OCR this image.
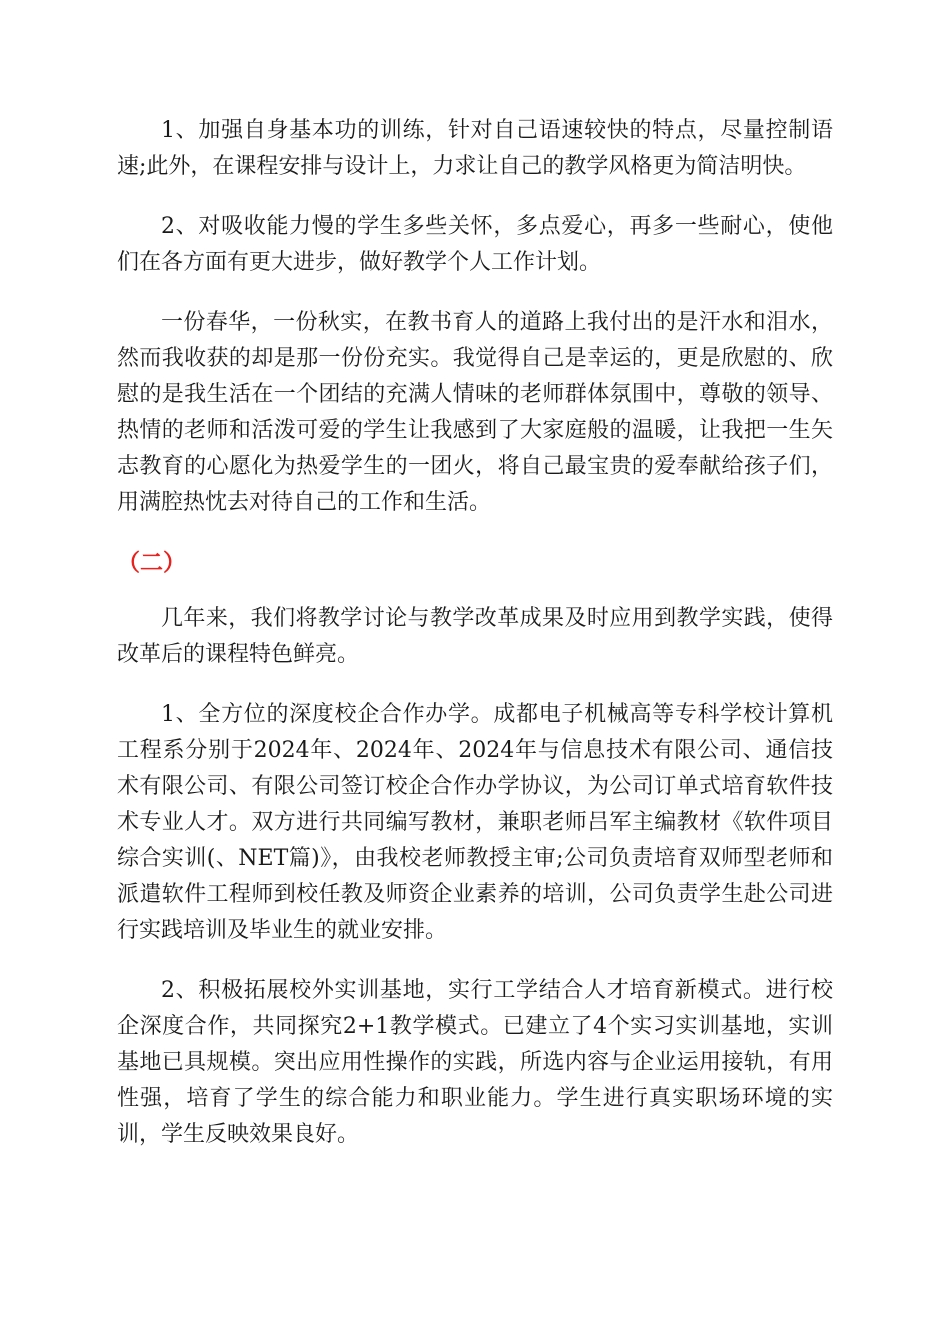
1、加强自身基本功的训练，针对自己语速较快的特点，尽量控制语速;此外，在课程安排与设计上，力求让自己的教学风格更为简洁明快。

2、对吸收能力慢的学生多些关怀，多点爱心，再多一些耐心，使他们在各方面有更大进步，做好教学个人工作计划。

一份春华，一份秋实，在教书育人的道路上我付出的是汗水和泪水，然而我收获的却是那一份份充实。我觉得自己是幸运的，更是欣慰的、欣慰的是我生活在一个团结的充满人情味的老师群体氛围中，尊敬的领导、热情的老师和活泼可爱的学生让我感到了大家庭般的温暖，让我把一生矢志教育的心愿化为热爱学生的一团火，将自己最宝贵的爱奉献给孩子们，用满腔热忱去对待自己的工作和生活。

（二）

几年来，我们将教学讨论与教学改革成果及时应用到教学实践，使得改革后的课程特色鲜亮。

1、全方位的深度校企合作办学。成都电子机械高等专科学校计算机工程系分别于2024年、2024年、2024年与信息技术有限公司、通信技术有限公司、有限公司签订校企合作办学协议，为公司订单式培育软件技术专业人才。双方进行共同编写教材，兼职老师吕军主编教材《软件项目综合实训(、NET篇)》，由我校老师教授主审;公司负责培育双师型老师和派遣软件工程师到校任教及师资企业素养的培训，公司负责学生赴公司进行实践培训及毕业生的就业安排。

2、积极拓展校外实训基地，实行工学结合人才培育新模式。进行校企深度合作，共同探究2+1教学模式。已建立了4个实习实训基地，实训基地已具规模。突出应用性操作的实践，所选内容与企业运用接轨，有用性强，培育了学生的综合能力和职业能力。学生进行真实职场环境的实训，学生反映效果良好。
